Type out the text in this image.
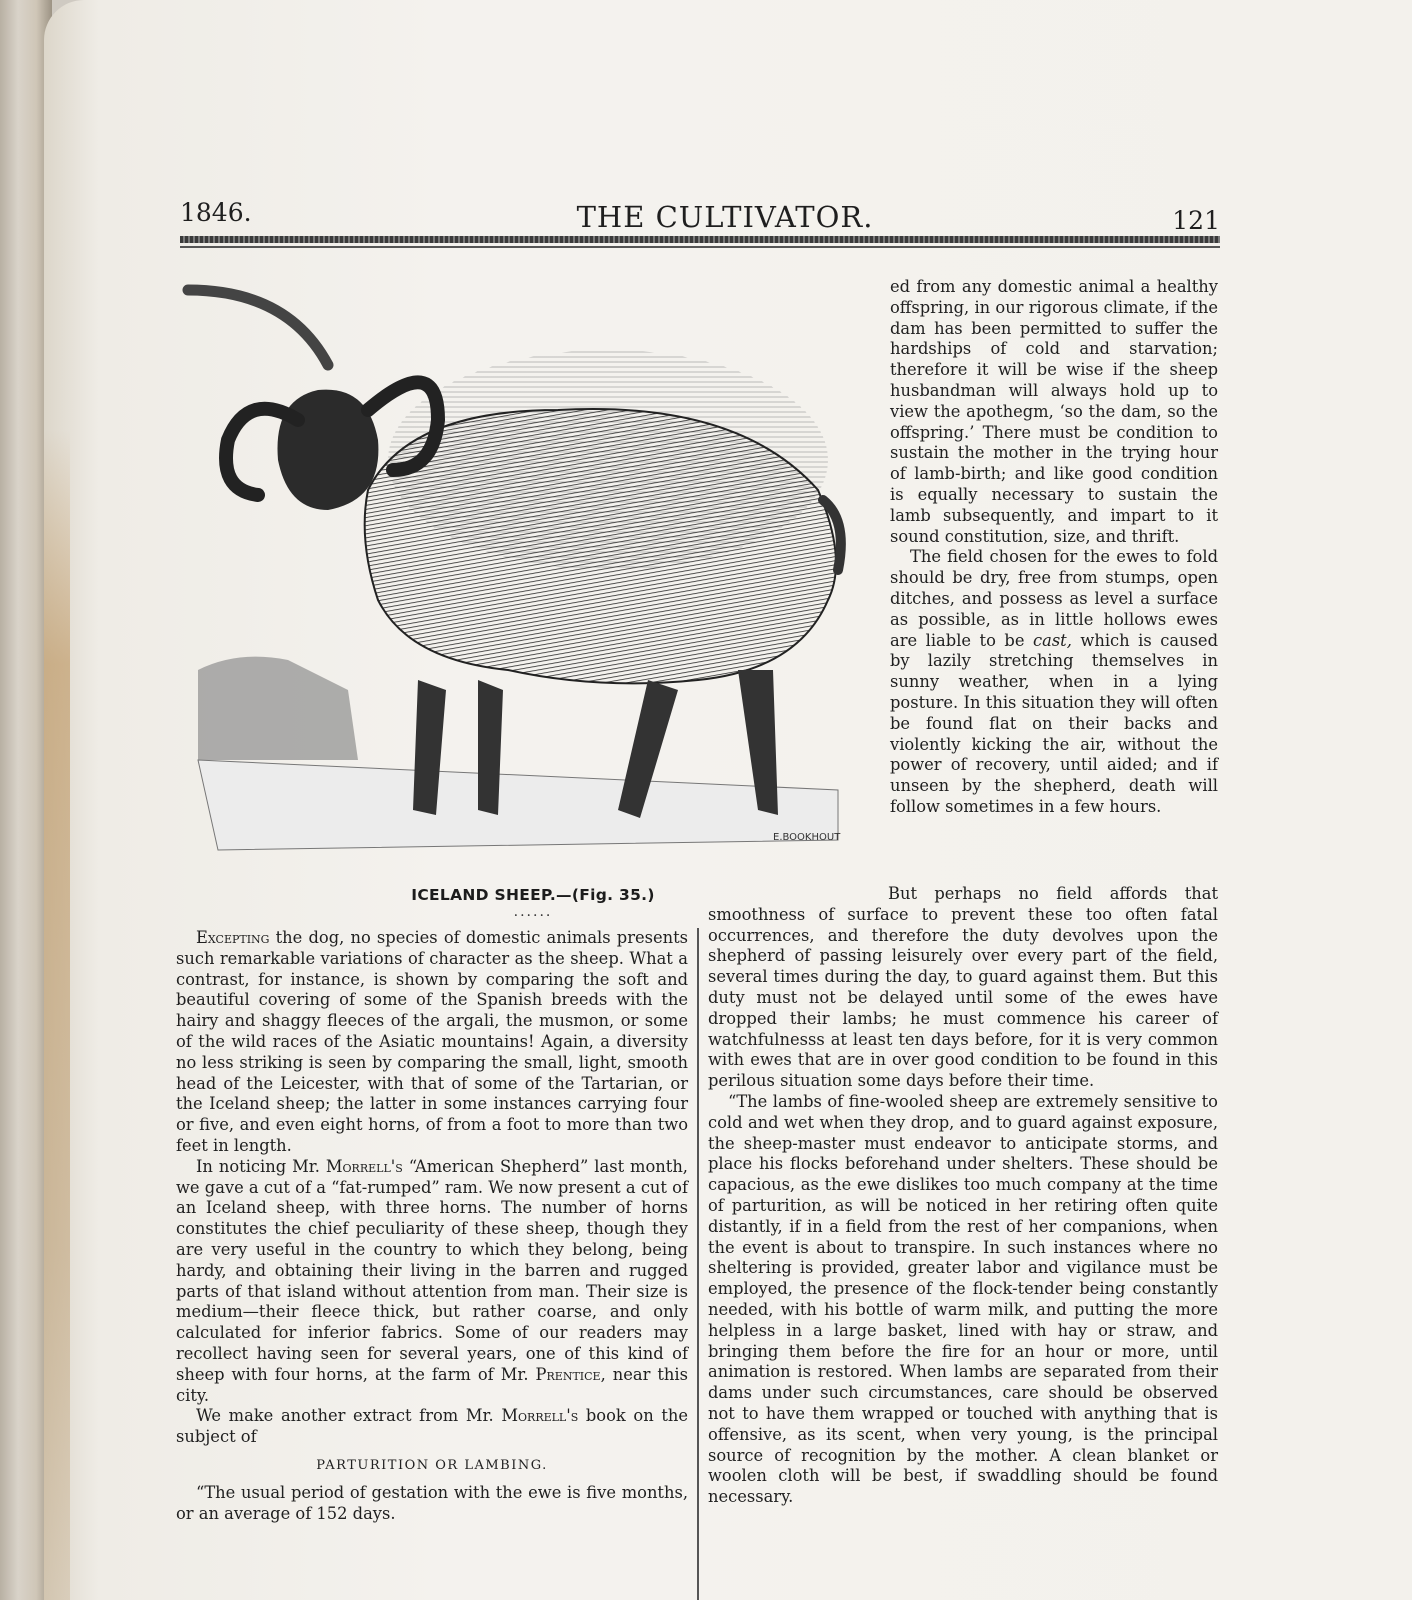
1846.	THE CULTIVATOR.	121
E.BOOKHOUT
ICELAND SHEEP.—(Fig. 35.)
......

Excepting the dog, no species of domestic animals presents such remarkable variations of character as the sheep. What a contrast, for instance, is shown by comparing the soft and beautiful covering of some of the Spanish breeds with the hairy and shaggy fleeces of the argali, the musmon, or some of the wild races of the Asiatic mountains! Again, a diversity no less striking is seen by comparing the small, light, smooth head of the Leicester, with that of some of the Tartarian, or the Iceland sheep; the latter in some instances carrying four or five, and even eight horns, of from a foot to more than two feet in length.

In noticing Mr. Morrell's “American Shepherd” last month, we gave a cut of a “fat-rumped” ram. We now present a cut of an Iceland sheep, with three horns. The number of horns constitutes the chief peculiarity of these sheep, though they are very useful in the country to which they belong, being hardy, and obtaining their living in the barren and rugged parts of that island without attention from man. Their size is medium—their fleece thick, but rather coarse, and only calculated for inferior fabrics. Some of our readers may recollect having seen for several years, one of this kind of sheep with four horns, at the farm of Mr. Prentice, near this city.

We make another extract from Mr. Morrell's book on the subject of

PARTURITION OR LAMBING.

“The usual period of gestation with the ewe is five months, or an average of 152 days.

ed from any domestic animal a healthy offspring, in our rigorous climate, if the dam has been permitted to suffer the hardships of cold and starvation; therefore it will be wise if the sheep husbandman will always hold up to view the apothegm, ‘so the dam, so the offspring.’ There must be condition to sustain the mother in the trying hour of lamb-birth; and like good condition is equally necessary to sustain the lamb subsequently, and impart to it sound constitution, size, and thrift.

The field chosen for the ewes to fold should be dry, free from stumps, open ditches, and possess as level a surface as possible, as in little hollows ewes are liable to be cast, which is caused by lazily stretching themselves in sunny weather, when in a lying posture. In this situation they will often be found flat on their backs and violently kicking the air, without the power of recovery, until aided; and if unseen by the shepherd, death will follow sometimes in a few hours.

But perhaps no field affords that smoothness of surface to prevent these too often fatal occurrences, and therefore the duty devolves upon the shepherd of passing leisurely over every part of the field, several times during the day, to guard against them. But this duty must not be delayed until some of the ewes have dropped their lambs; he must commence his career of watchfulnesss at least ten days before, for it is very common with ewes that are in over good condition to be found in this perilous situation some days before their time.

“The lambs of fine-wooled sheep are extremely sensitive to cold and wet when they drop, and to guard against exposure, the sheep-master must endeavor to anticipate storms, and place his flocks beforehand under shelters. These should be capacious, as the ewe dislikes too much company at the time of parturition, as will be noticed in her retiring often quite distantly, if in a field from the rest of her companions, when the event is about to transpire. In such instances where no sheltering is provided, greater labor and vigilance must be employed, the presence of the flock-tender being constantly needed, with his bottle of warm milk, and putting the more helpless in a large basket, lined with hay or straw, and bringing them before the fire for an hour or more, until animation is restored. When lambs are separated from their dams under such circumstances, care should be observed not to have them wrapped or touched with anything that is offensive, as its scent, when very young, is the principal source of recognition by the mother. A clean blanket or woolen cloth will be best, if swaddling should be found necessary.
